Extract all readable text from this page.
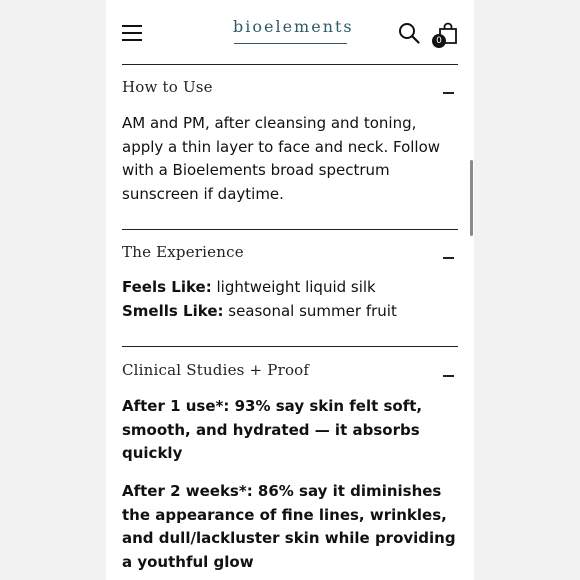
bioelements
0
How to Use
AM and PM, after cleansing and toning, apply a thin layer to face and neck. Follow with a Bioelements broad spectrum sunscreen if daytime.
The Experience
Feels Like: lightweight liquid silk
Smells Like: seasonal summer fruit
Clinical Studies + Proof
After 1 use*: 93% say skin felt soft, smooth, and hydrated — it absorbs quickly
After 2 weeks*: 86% say it diminishes the appearance of fine lines, wrinkles, and dull/lackluster skin while providing a youthful glow
